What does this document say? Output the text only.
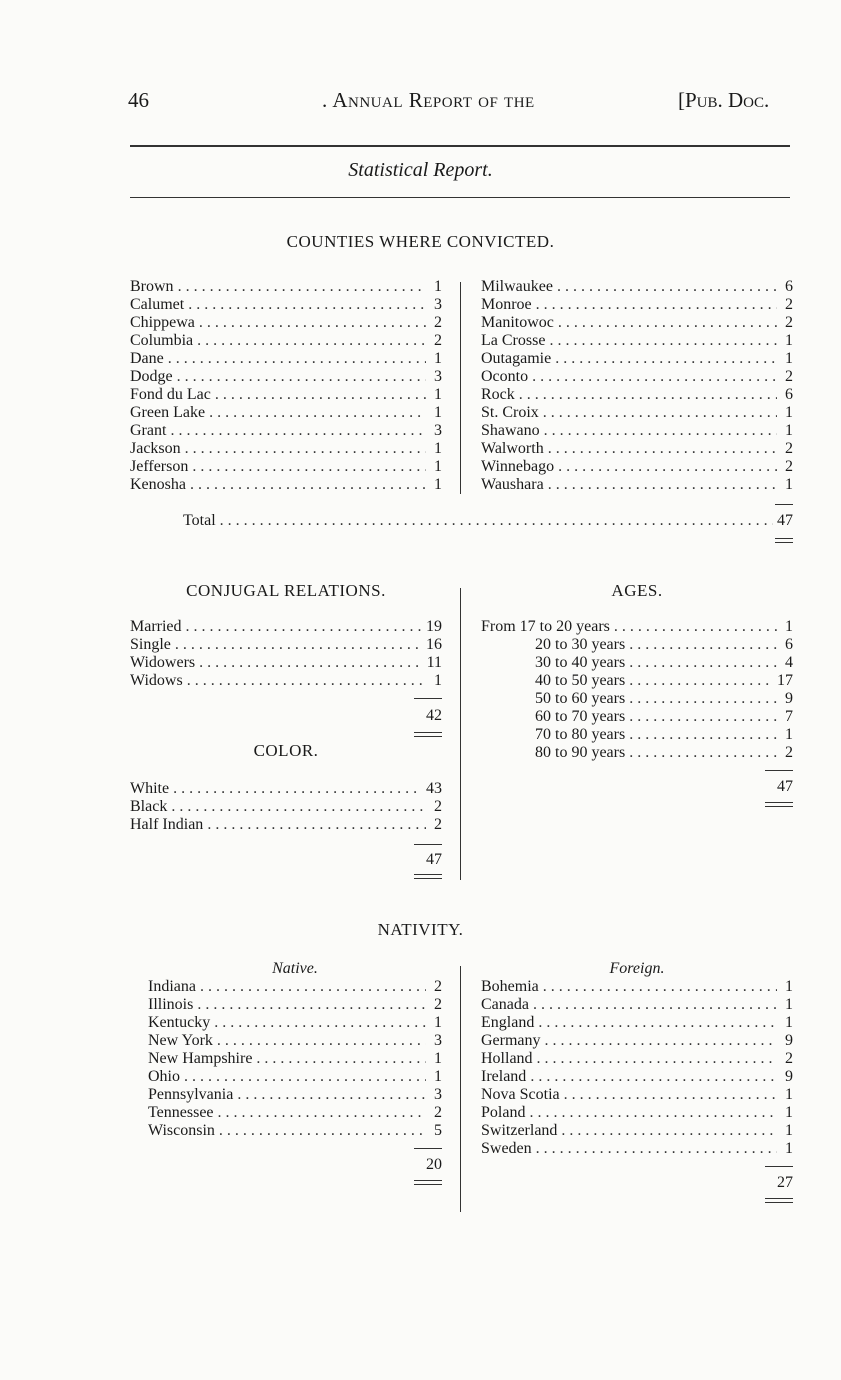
46	. Annual Report of the	[Pub. Doc.
Statistical Report.
COUNTIES WHERE CONVICTED.
Brown . . .	1
Calumet . . .	3
Chippewa . . .	2
Columbia . . .	2
Dane . . .	1
Dodge . . .	3
Fond du Lac . . .	1
Green Lake . . .	1
Grant . . .	3
Jackson . . .	1
Jefferson . . .	1
Kenosha . . .	1
Milwaukee . . .	6
Monroe . . .	2
Manitowoc . . .	2
La Crosse . . .	1
Outagamie . . .	1
Oconto . . .	2
Rock . . .	6
St. Croix . . .	1
Shawano . . .	1
Walworth . . .	2
Winnebago . . .	2
Waushara . . .	1
Total . . .	47
CONJUGAL RELATIONS.
Married . . .	19
Single . . .	16
Widowers . . .	11
Widows . . .	1
42
COLOR.
White . . .	43
Black . . .	2
Half Indian . . .	2
47
AGES.
From 17 to 20 years . . .	1
20 to 30 years . . .	6
30 to 40 years . . .	4
40 to 50 years . . .	17
50 to 60 years . . .	9
60 to 70 years . . .	7
70 to 80 years . . .	1
80 to 90 years . . .	2
47
NATIVITY.
Native.	Foreign.
Indiana . . .	2
Illinois . . .	2
Kentucky . . .	1
New York . . .	3
New Hampshire . . .	1
Ohio . . .	1
Pennsylvania . . .	3
Tennessee . . .	2
Wisconsin . . .	5
20
Bohemia . . .	1
Canada . . .	1
England . . .	1
Germany . . .	9
Holland . . .	2
Ireland . . .	9
Nova Scotia . . .	1
Poland . . .	1
Switzerland . . .	1
Sweden . . .	1
27
